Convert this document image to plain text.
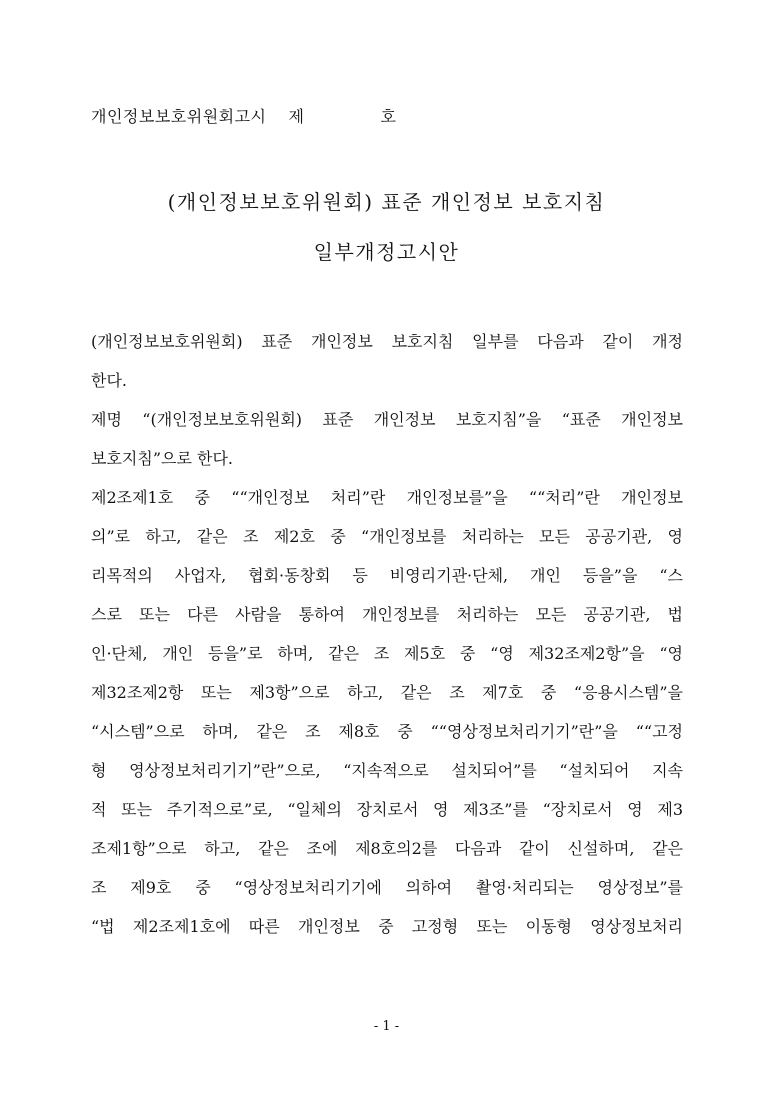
개인정보보호위원회고시 제	호
(개인정보보호위원회) 표준 개인정보 보호지침
일부개정고시안
(개인정보보호위원회) 표준 개인정보 보호지침 일부를 다음과 같이 개정
한다.
제명 “(개인정보보호위원회) 표준 개인정보 보호지침”을 “표준 개인정보
보호지침”으로 한다.
제2조제1호 중 ““개인정보 처리”란 개인정보를”을 ““처리”란 개인정보
의”로 하고, 같은 조 제2호 중 “개인정보를 처리하는 모든 공공기관, 영
리목적의 사업자, 협회·동창회 등 비영리기관·단체, 개인 등을”을 “스
스로 또는 다른 사람을 통하여 개인정보를 처리하는 모든 공공기관, 법
인·단체, 개인 등을”로 하며, 같은 조 제5호 중 “영 제32조제2항”을 “영
제32조제2항 또는 제3항”으로 하고, 같은 조 제7호 중 “응용시스템”을
“시스템”으로 하며, 같은 조 제8호 중 ““영상정보처리기기”란”을 ““고정
형 영상정보처리기기”란”으로, “지속적으로 설치되어”를 “설치되어 지속
적 또는 주기적으로”로, “일체의 장치로서 영 제3조”를 “장치로서 영 제3
조제1항”으로 하고, 같은 조에 제8호의2를 다음과 같이 신설하며, 같은
조 제9호 중 “영상정보처리기기에 의하여 촬영·처리되는 영상정보”를
“법 제2조제1호에 따른 개인정보 중 고정형 또는 이동형 영상정보처리
- 1 -
